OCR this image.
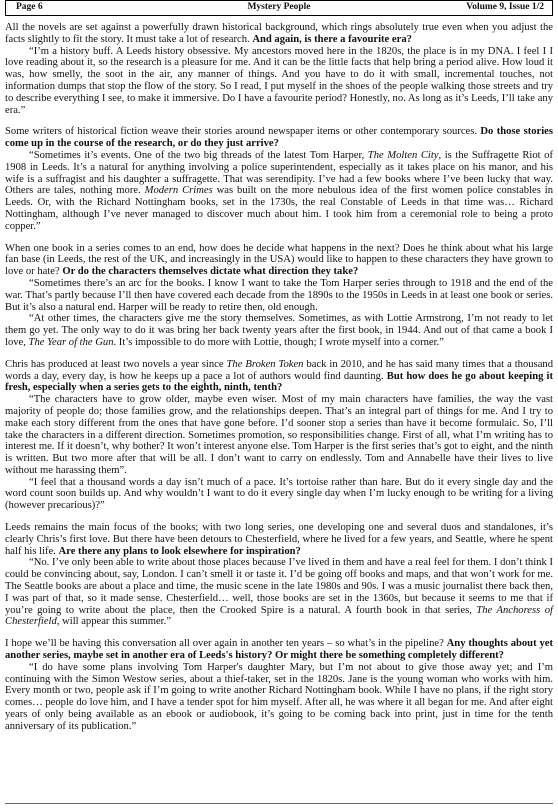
Page 6	Mystery People	Volume 9, Issue 1/2

All the novels are set against a powerfully drawn historical background, which rings absolutely true even when you adjust the facts slightly to fit the story. It must take a lot of research. And again, is there a favourite era?

“I’m a history buff. A Leeds history obsessive. My ancestors moved here in the 1820s, the place is in my DNA. I feel I I love reading about it, so the research is a pleasure for me. And it can be the little facts that help bring a period alive. How loud it was, how smelly, the soot in the air, any manner of things. And you have to do it with small, incremental touches, not information dumps that stop the flow of the story. So I read, I put myself in the shoes of the people walking those streets and try to describe everything I see, to make it immersive. Do I have a favourite period? Honestly, no. As long as it’s Leeds, I’ll take any era.”

Some writers of historical fiction weave their stories around newspaper items or other contemporary sources. Do those stories come up in the course of the research, or do they just arrive?

“Sometimes it’s events. One of the two big threads of the latest Tom Harper, The Molten City, is the Suffragette Riot of 1908 in Leeds. It’s a natural for anything involving a police superintendent, especially as it takes place on his manor, and his wife is a suffragist and his daughter a suffragette. That was serendipity. I’ve had a few books where I’ve been lucky that way. Others are tales, nothing more. Modern Crimes was built on the more nebulous idea of the first women police constables in Leeds. Or, with the Richard Nottingham books, set in the 1730s, the real Constable of Leeds in that time was… Richard Nottingham, although I’ve never managed to discover much about him. I took him from a ceremonial role to being a proto copper.”

When one book in a series comes to an end, how does he decide what happens in the next? Does he think about what his large fan base (in Leeds, the rest of the UK, and increasingly in the USA) would like to happen to these characters they have grown to love or hate? Or do the characters themselves dictate what direction they take?

“Sometimes there’s an arc for the books. I know I want to take the Tom Harper series through to 1918 and the end of the war. That’s partly because I’ll then have covered each decade from the 1890s to the 1950s in Leeds in at least one book or series. But it’s also a natural end. Harper will be ready to retire then, old enough.

“At other times, the characters give me the story themselves. Sometimes, as with Lottie Armstrong, I’m not ready to let them go yet. The only way to do it was bring her back twenty years after the first book, in 1944. And out of that came a book I love, The Year of the Gun. It’s impossible to do more with Lottie, though; I wrote myself into a corner.”

Chris has produced at least two novels a year since The Broken Token back in 2010, and he has said many times that a thousand words a day, every day, is how he keeps up a pace a lot of authors would find daunting. But how does he go about keeping it fresh, especially when a series gets to the eighth, ninth, tenth?

“The characters have to grow older, maybe even wiser. Most of my main characters have families, the way the vast majority of people do; those families grow, and the relationships deepen. That’s an integral part of things for me. And I try to make each story different from the ones that have gone before. I’d sooner stop a series than have it become formulaic. So, I’ll take the characters in a different direction. Sometimes promotion, so responsibilities change. First of all, what I’m writing has to interest me. If it doesn’t, why bother? It won’t interest anyone else. Tom Harper is the first series that’s got to eight, and the ninth is written. But two more after that will be all. I don’t want to carry on endlessly. Tom and Annabelle have their lives to live without me harassing them”.

“I feel that a thousand words a day isn’t much of a pace. It’s tortoise rather than hare. But do it every single day and the word count soon builds up. And why wouldn’t I want to do it every single day when I’m lucky enough to be writing for a living (however precarious)?”

Leeds remains the main focus of the books; with two long series, one developing one and several duos and standalones, it’s clearly Chris’s first love. But there have been detours to Chesterfield, where he lived for a few years, and Seattle, where he spent half his life. Are there any plans to look elsewhere for inspiration?

“No. I’ve only been able to write about those places because I’ve lived in them and have a real feel for them. I don’t think I could be convincing about, say, London. I can’t smell it or taste it. I’d be going off books and maps, and that won’t work for me. The Seattle books are about a place and time, the music scene in the late 1980s and 90s. I was a music journalist there back then, I was part of that, so it made sense. Chesterfield… well, those books are set in the 1360s, but because it seems to me that if you’re going to write about the place, then the Crooked Spire is a natural. A fourth book in that series, The Anchoress of Chesterfield, will appear this summer.”

I hope we’ll be having this conversation all over again in another ten years – so what’s in the pipeline? Any thoughts about yet another series, maybe set in another era of Leeds's history? Or might there be something completely different?

“I do have some plans involving Tom Harper's daughter Mary, but I’m not about to give those away yet; and I’m continuing with the Simon Westow series, about a thief-taker, set in the 1820s. Jane is the young woman who works with him. Every month or two, people ask if I’m going to write another Richard Nottingham book. While I have no plans, if the right story comes… people do love him, and I have a tender spot for him myself. After all, he was where it all began for me. And after eight years of only being available as an ebook or audiobook, it’s going to be coming back into print, just in time for the tenth anniversary of its publication.”
